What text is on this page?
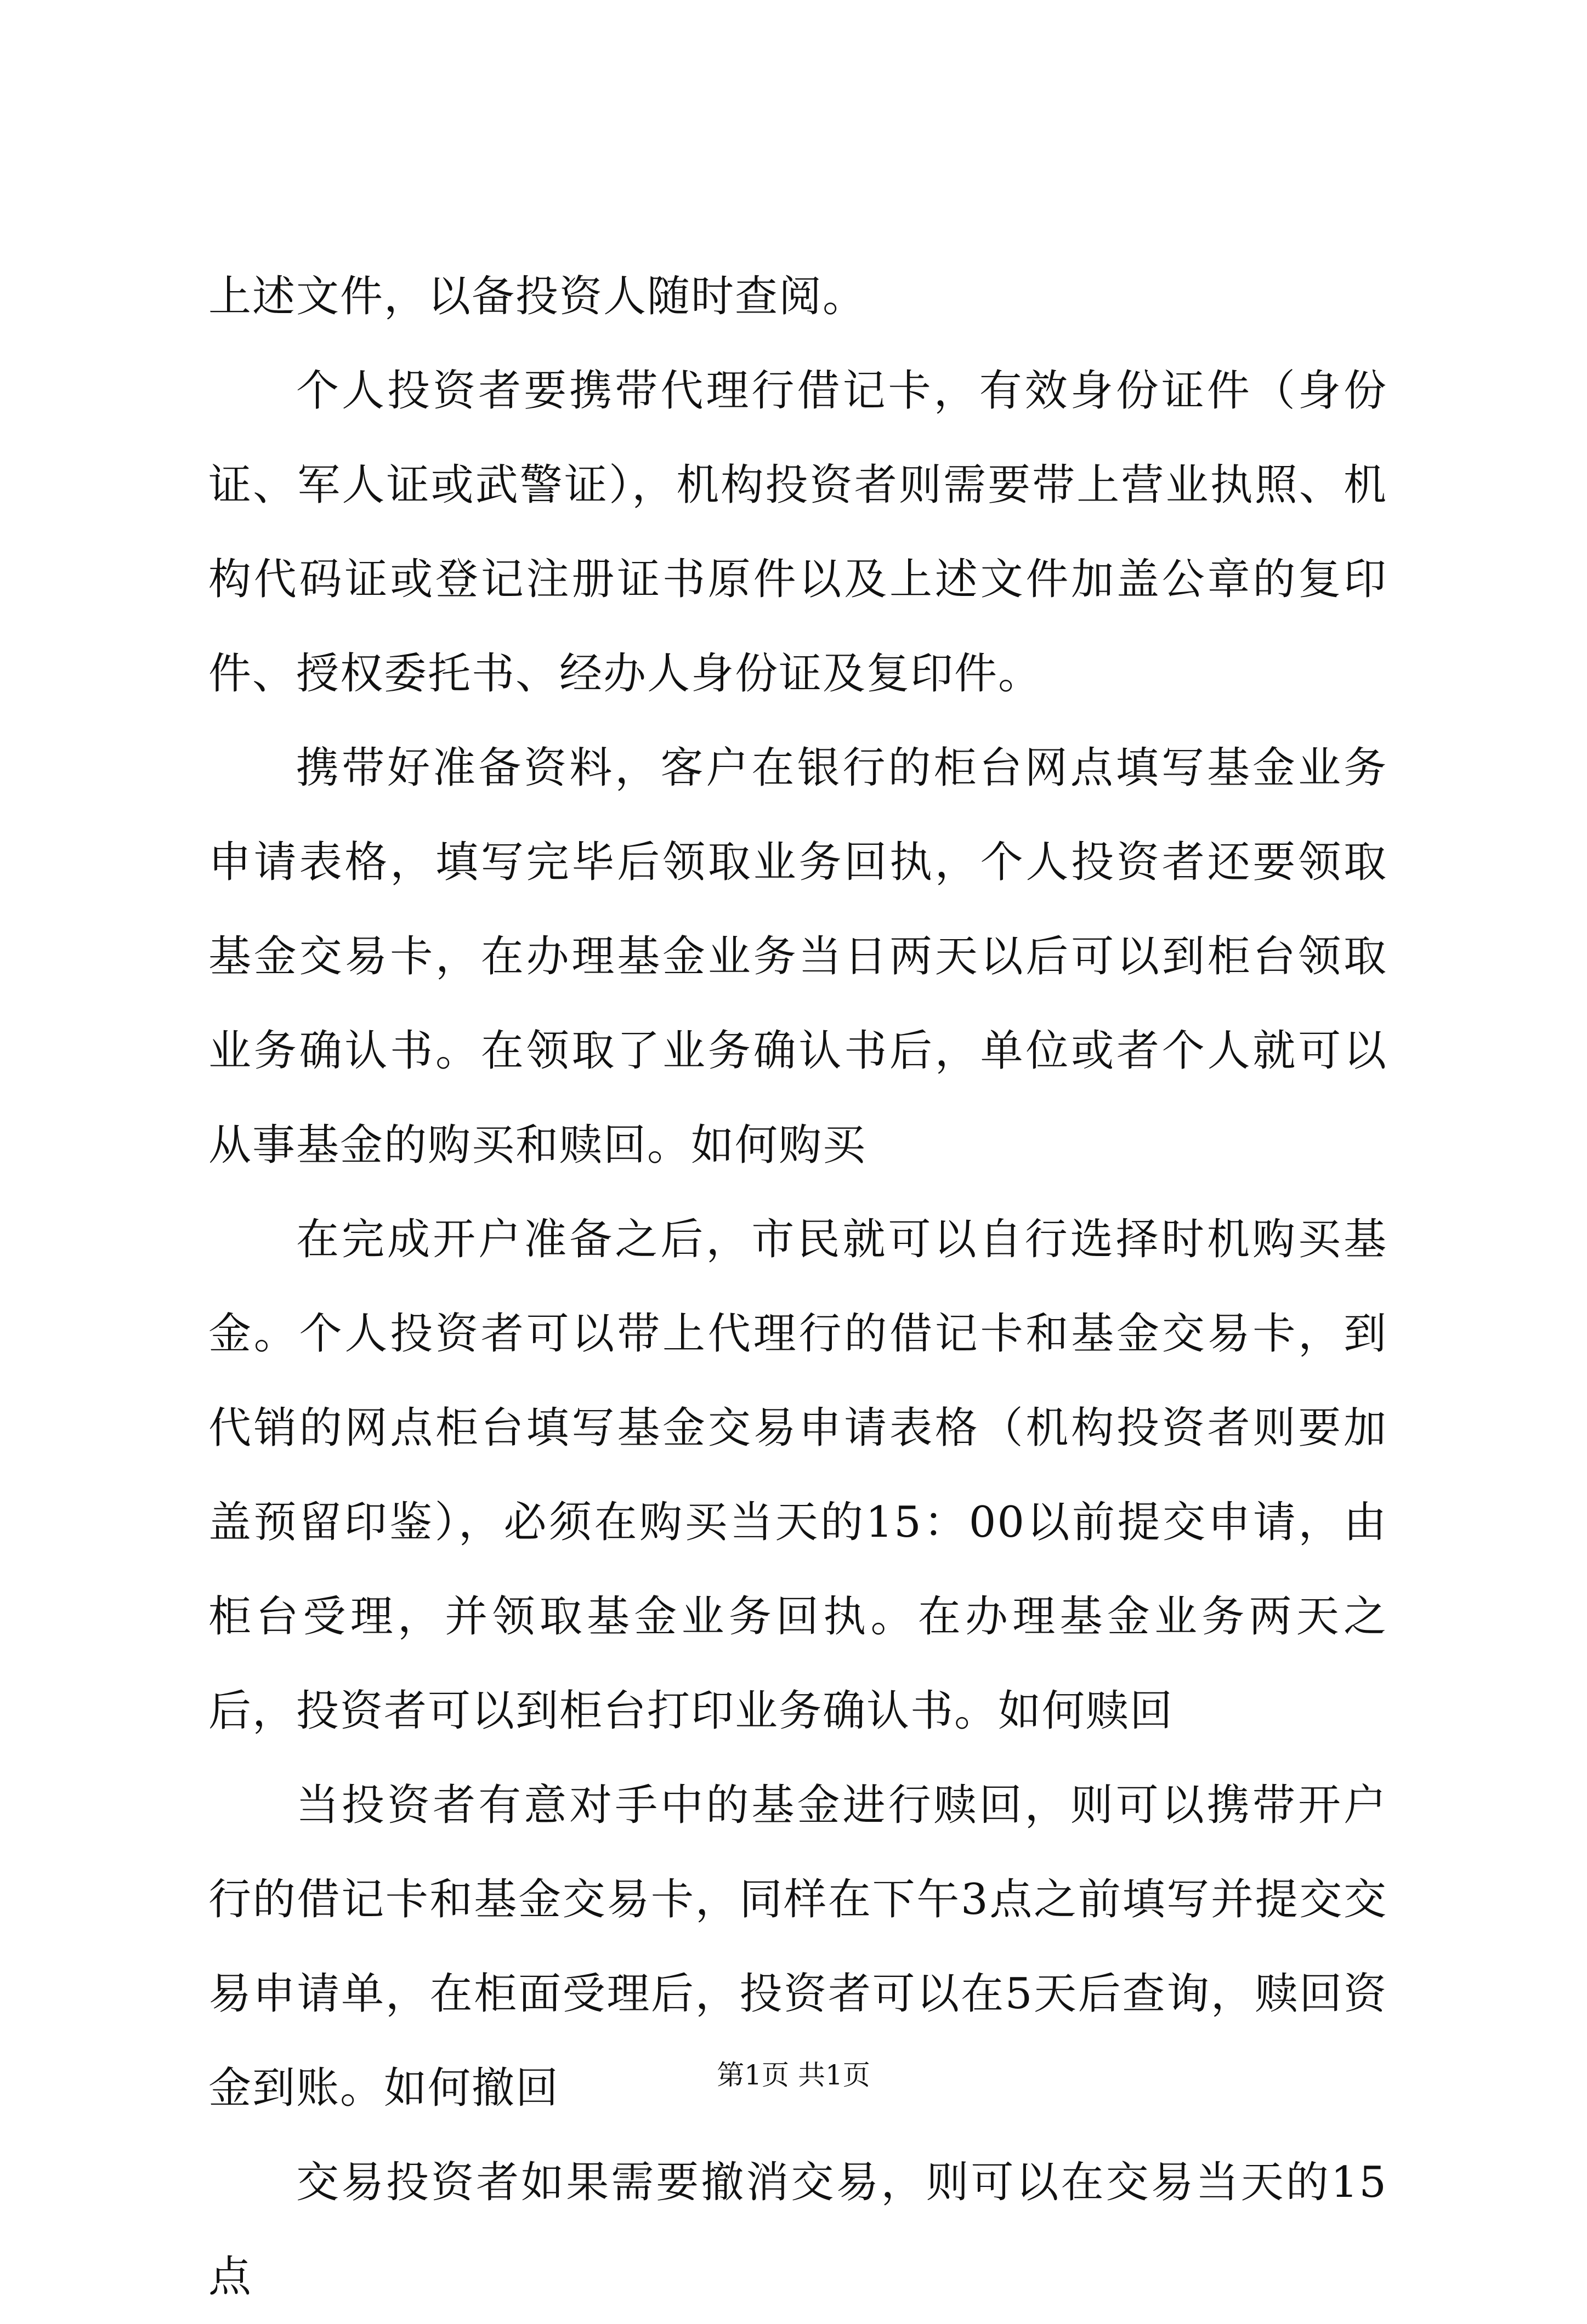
上述文件，以备投资人随时查阅。

个人投资者要携带代理行借记卡，有效身份证件（身份证、军人证或武警证），机构投资者则需要带上营业执照、机构代码证或登记注册证书原件以及上述文件加盖公章的复印件、授权委托书、经办人身份证及复印件。

携带好准备资料，客户在银行的柜台网点填写基金业务申请表格，填写完毕后领取业务回执，个人投资者还要领取基金交易卡，在办理基金业务当日两天以后可以到柜台领取业务确认书。在领取了业务确认书后，单位或者个人就可以从事基金的购买和赎回。如何购买

在完成开户准备之后，市民就可以自行选择时机购买基金。个人投资者可以带上代理行的借记卡和基金交易卡，到代销的网点柜台填写基金交易申请表格（机构投资者则要加盖预留印鉴），必须在购买当天的15：00以前提交申请，由柜台受理，并领取基金业务回执。在办理基金业务两天之后，投资者可以到柜台打印业务确认书。如何赎回

当投资者有意对手中的基金进行赎回，则可以携带开户行的借记卡和基金交易卡，同样在下午3点之前填写并提交交易申请单，在柜面受理后，投资者可以在5天后查询，赎回资金到账。如何撤回

交易投资者如果需要撤消交易，则可以在交易当天的15点

第1页 共1页
